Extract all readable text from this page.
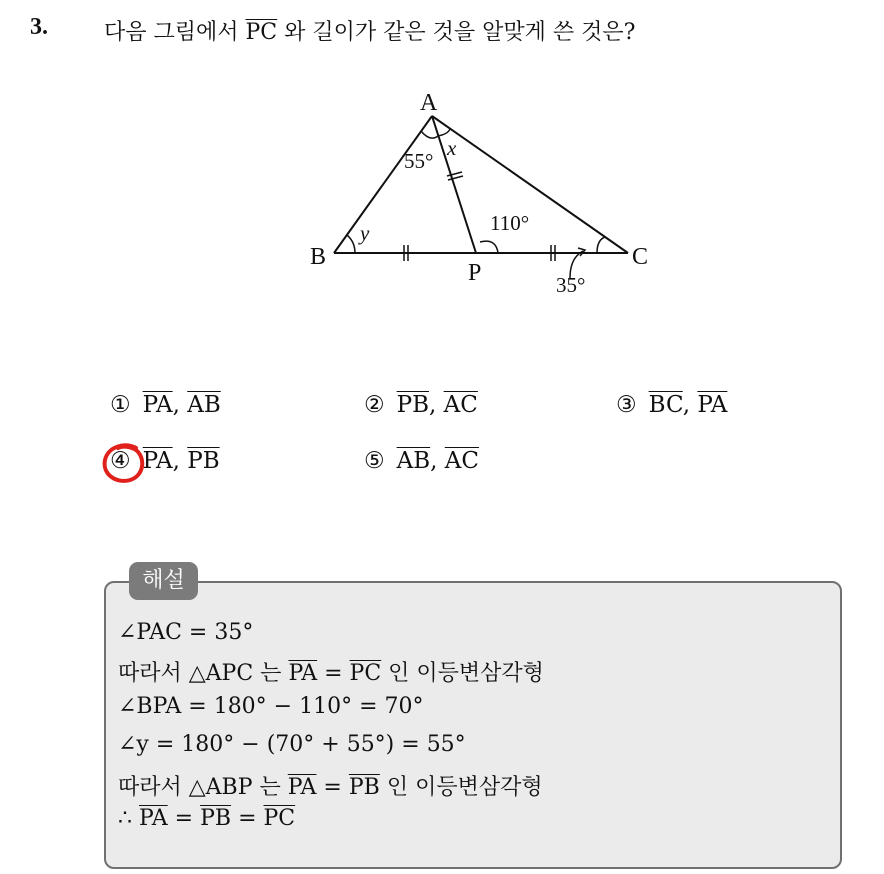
3.	다음 그림에서 $\overline{PC}$ 와 길이가 같은 것을 알맞게 쓴 것은?
A
B	C
P
55°
x
y	110°
35°
① $\overline{PA}$, $\overline{AB}$	② $\overline{PB}$, $\overline{AC}$	③ $\overline{BC}$, $\overline{PA}$
④ $\overline{PA}$, $\overline{PB}$	⑤ $\overline{AB}$, $\overline{AC}$
해설
∠PAC = 35°
따라서 △APC 는 $\overline{PA} = \overline{PC}$ 인 이등변삼각형
∠BPA = 180° − 110° = 70°
∠y = 180° − (70° + 55°) = 55°
따라서 △ABP 는 $\overline{PA} = \overline{PB}$ 인 이등변삼각형
∴ $\overline{PA} = \overline{PB} = \overline{PC}$
